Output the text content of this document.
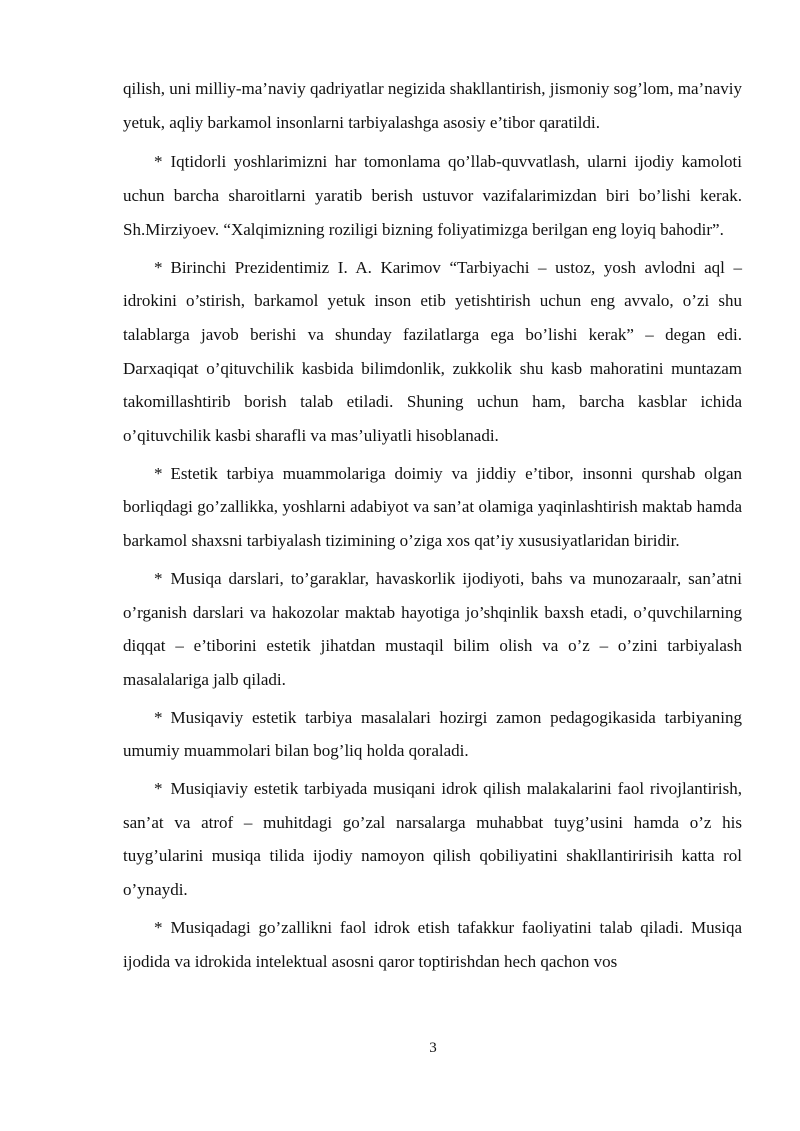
qilish, uni milliy-ma’naviy qadriyatlar negizida shakllantirish, jismoniy sog’lom, ma’naviy yetuk, aqliy barkamol insonlarni tarbiyalashga asosiy e’tibor qaratildi.

* Iqtidorli yoshlarimizni har tomonlama qo’llab-quvvatlash, ularni ijodiy kamoloti uchun barcha sharoitlarni yaratib berish ustuvor vazifalarimizdan biri bo’lishi kerak. Sh.Mirziyoev. “Xalqimizning roziligi bizning foliyatimizga berilgan eng loyiq bahodir”.

* Birinchi Prezidentimiz I. A. Karimov “Tarbiyachi – ustoz, yosh avlodni aql – idrokini o’stirish, barkamol yetuk inson etib yetishtirish uchun eng avvalo, o’zi shu talablarga javob berishi va shunday fazilatlarga ega bo’lishi kerak” – degan edi. Darxaqiqat o’qituvchilik kasbida bilimdonlik, zukkolik shu kasb mahoratini muntazam takomillashtirib borish talab etiladi. Shuning uchun ham, barcha kasblar ichida o’qituvchilik kasbi sharafli va mas’uliyatli hisoblanadi.

* Estetik tarbiya muammolariga doimiy va jiddiy e’tibor, insonni qurshab olgan borliqdagi go’zallikka, yoshlarni adabiyot va san’at olamiga yaqinlashtirish maktab hamda barkamol shaxsni tarbiyalash tizimining o’ziga xos qat’iy xususiyatlaridan biridir.

* Musiqa darslari, to’garaklar, havaskorlik ijodiyoti, bahs va munozaraalr, san’atni o’rganish darslari va hakozolar maktab hayotiga jo’shqinlik baxsh etadi, o’quvchilarning diqqat – e’tiborini estetik jihatdan mustaqil bilim olish va o’z – o’zini tarbiyalash masalalariga jalb qiladi.

* Musiqaviy estetik tarbiya masalalari hozirgi zamon pedagogikasida tarbiyaning umumiy muammolari bilan bog’liq holda qoraladi.

* Musiqiaviy estetik tarbiyada musiqani idrok qilish malakalarini faol rivojlantirish, san’at va atrof – muhitdagi go’zal narsalarga muhabbat tuyg’usini hamda o’z his tuyg’ularini musiqa tilida ijodiy namoyon qilish qobiliyatini shakllantiririsih katta rol o’ynaydi.

* Musiqadagi go’zallikni faol idrok etish tafakkur faoliyatini talab qiladi. Musiqa ijodida va idrokida intelektual asosni qaror toptirishdan hech qachon vos

3
